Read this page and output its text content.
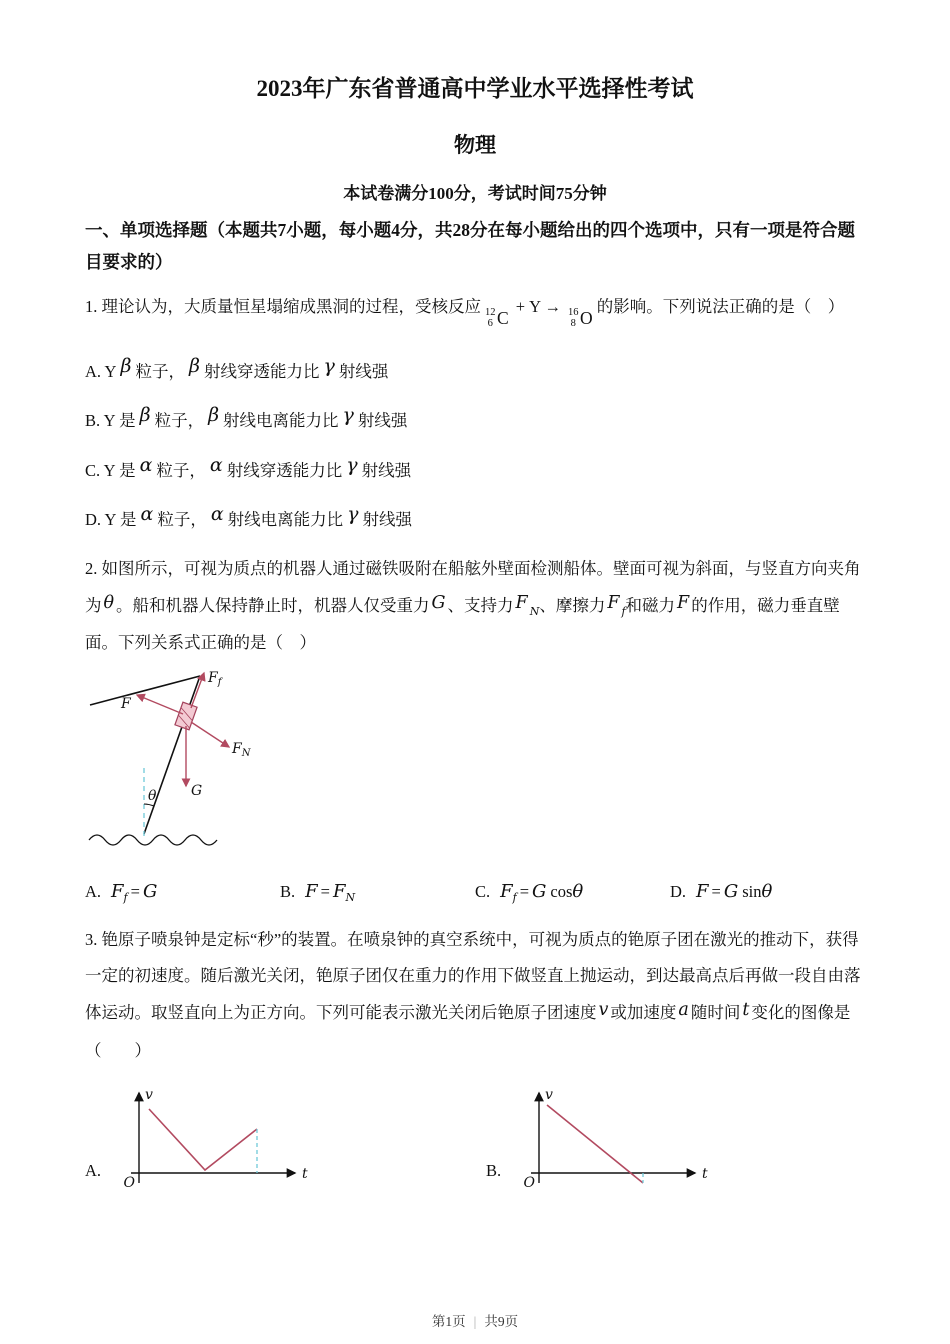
2023年广东省普通高中学业水平选择性考试
物理
本试卷满分100分，考试时间75分钟
一、单项选择题（本题共7小题，每小题4分，共28分在每小题给出的四个选项中，只有一项是符合题目要求的）

1. 理论认为，大质量恒星塌缩成黑洞的过程，受核反应 12
6 C
+ Y → 16
8 O
的影响。下列说法正确的是（　）

A. Y β 粒子， β 射线穿透能力比 γ 射线强
B. Y 是 β 粒子， β 射线电离能力比 γ 射线强
C. Y 是 α 粒子， α 射线穿透能力比 γ 射线强
D. Y 是 α 粒子， α 射线电离能力比 γ 射线强

2. 如图所示，可视为质点的机器人通过磁铁吸附在船舷外壁面检测船体。壁面可视为斜面，与竖直方向夹角为 θ 。船和机器人保持静止时，机器人仅受重力 G 、支持力 F $_N$、摩擦力 F $_f$和磁力 F 的作用，磁力垂直壁面。下列关系式正确的是（　）

θ
$F_f$
F
$F_N$
G
A. $F_f = G$	B. $F = F_N$	C. $F_f = G$ cosθ	D. F = G sinθ

3. 铯原子喷泉钟是定标“秒”的装置。在喷泉钟的真空系统中，可视为质点的铯原子团在激光的推动下，获得一定的初速度。随后激光关闭，铯原子团仅在重力的作用下做竖直上抛运动，到达最高点后再做一段自由落体运动。取竖直向上为正方向。下列可能表示激光关闭后铯原子团速度 v 或加速度 a 随时间 t 变化的图像是（　　）

A.
v
t
O
B.
v
t
O
第1页 | 共9页
